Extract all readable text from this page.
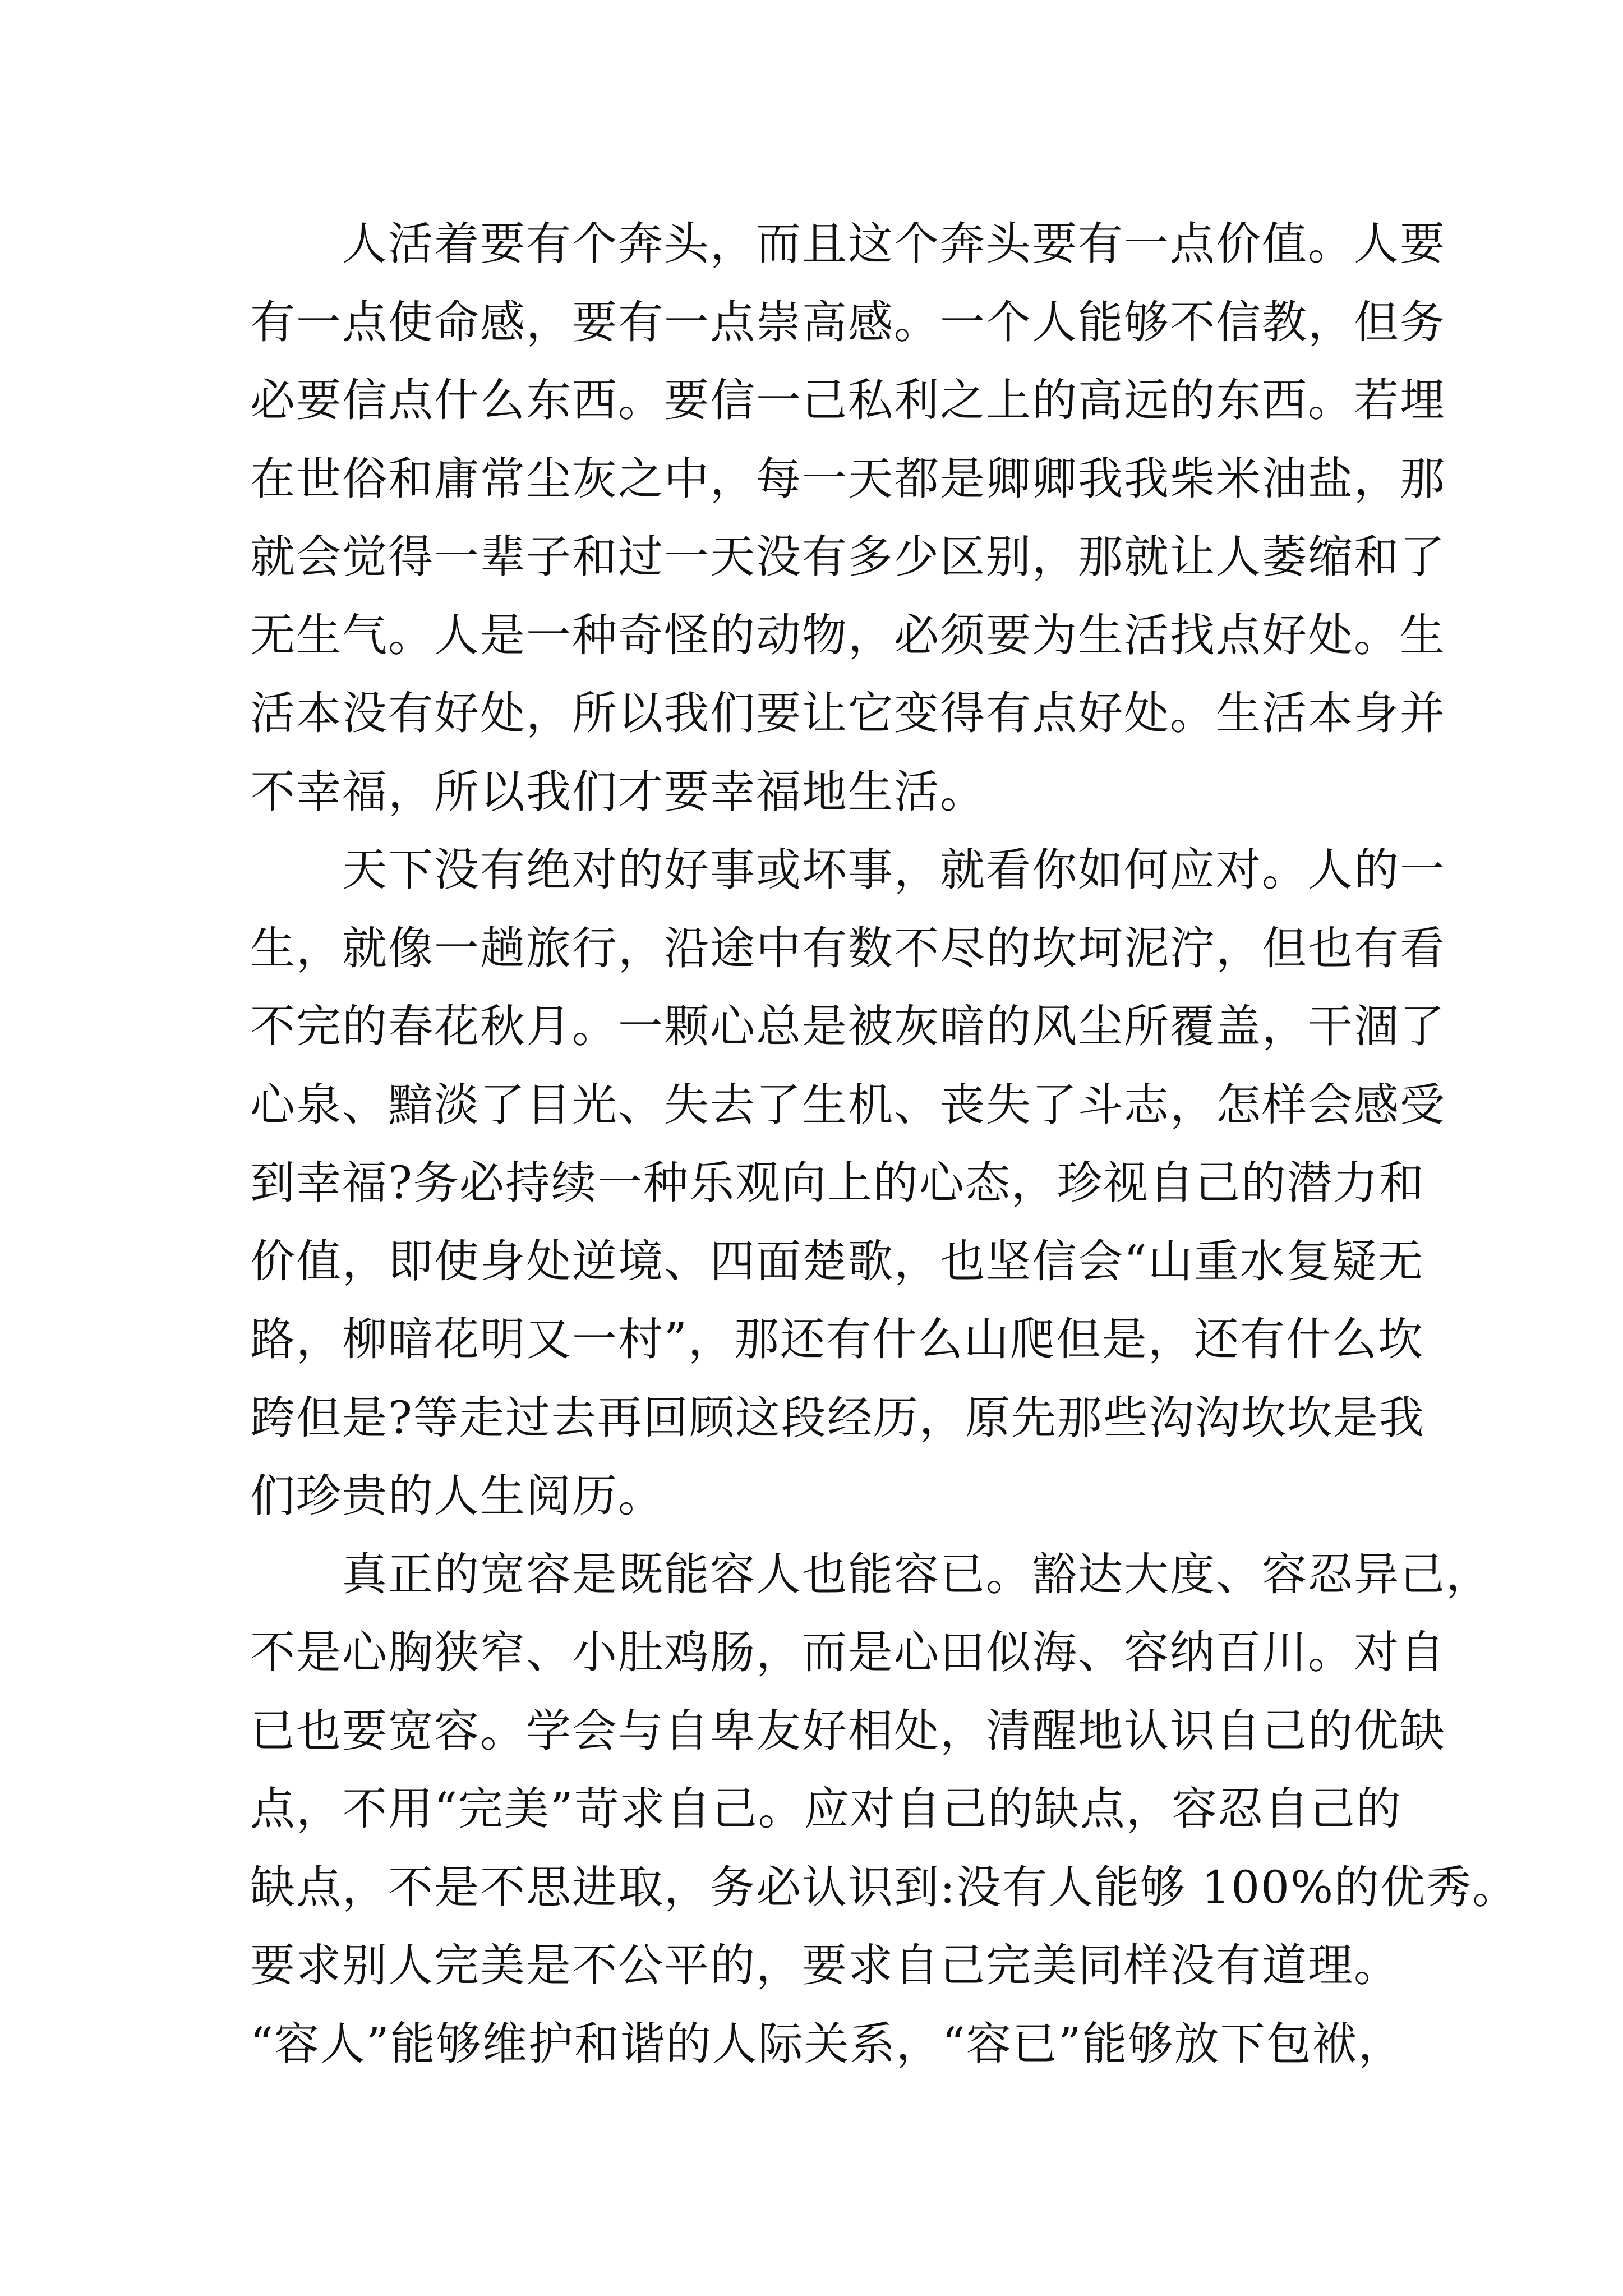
人活着要有个奔头，而且这个奔头要有一点价值。人要
有一点使命感，要有一点崇高感。一个人能够不信教，但务
必要信点什么东西。要信一己私利之上的高远的东西。若埋
在世俗和庸常尘灰之中，每一天都是卿卿我我柴米油盐，那
就会觉得一辈子和过一天没有多少区别，那就让人萎缩和了
无生气。人是一种奇怪的动物，必须要为生活找点好处。生
活本没有好处，所以我们要让它变得有点好处。生活本身并
不幸福，所以我们才要幸福地生活。
天下没有绝对的好事或坏事，就看你如何应对。人的一
生，就像一趟旅行，沿途中有数不尽的坎坷泥泞，但也有看
不完的春花秋月。一颗心总是被灰暗的风尘所覆盖，干涸了
心泉、黯淡了目光、失去了生机、丧失了斗志，怎样会感受
到幸福?务必持续一种乐观向上的心态，珍视自己的潜力和
价值，即使身处逆境、四面楚歌，也坚信会“山重水复疑无
路，柳暗花明又一村”，那还有什么山爬但是，还有什么坎
跨但是?等走过去再回顾这段经历，原先那些沟沟坎坎是我
们珍贵的人生阅历。
真正的宽容是既能容人也能容已。豁达大度、容忍异己，
不是心胸狭窄、小肚鸡肠，而是心田似海、容纳百川。对自
已也要宽容。学会与自卑友好相处，清醒地认识自己的优缺
点，不用“完美”苛求自己。应对自己的缺点，容忍自己的
缺点，不是不思进取，务必认识到:没有人能够 100%的优秀。
要求别人完美是不公平的，要求自己完美同样没有道理。
“容人”能够维护和谐的人际关系，“容已”能够放下包袱，
